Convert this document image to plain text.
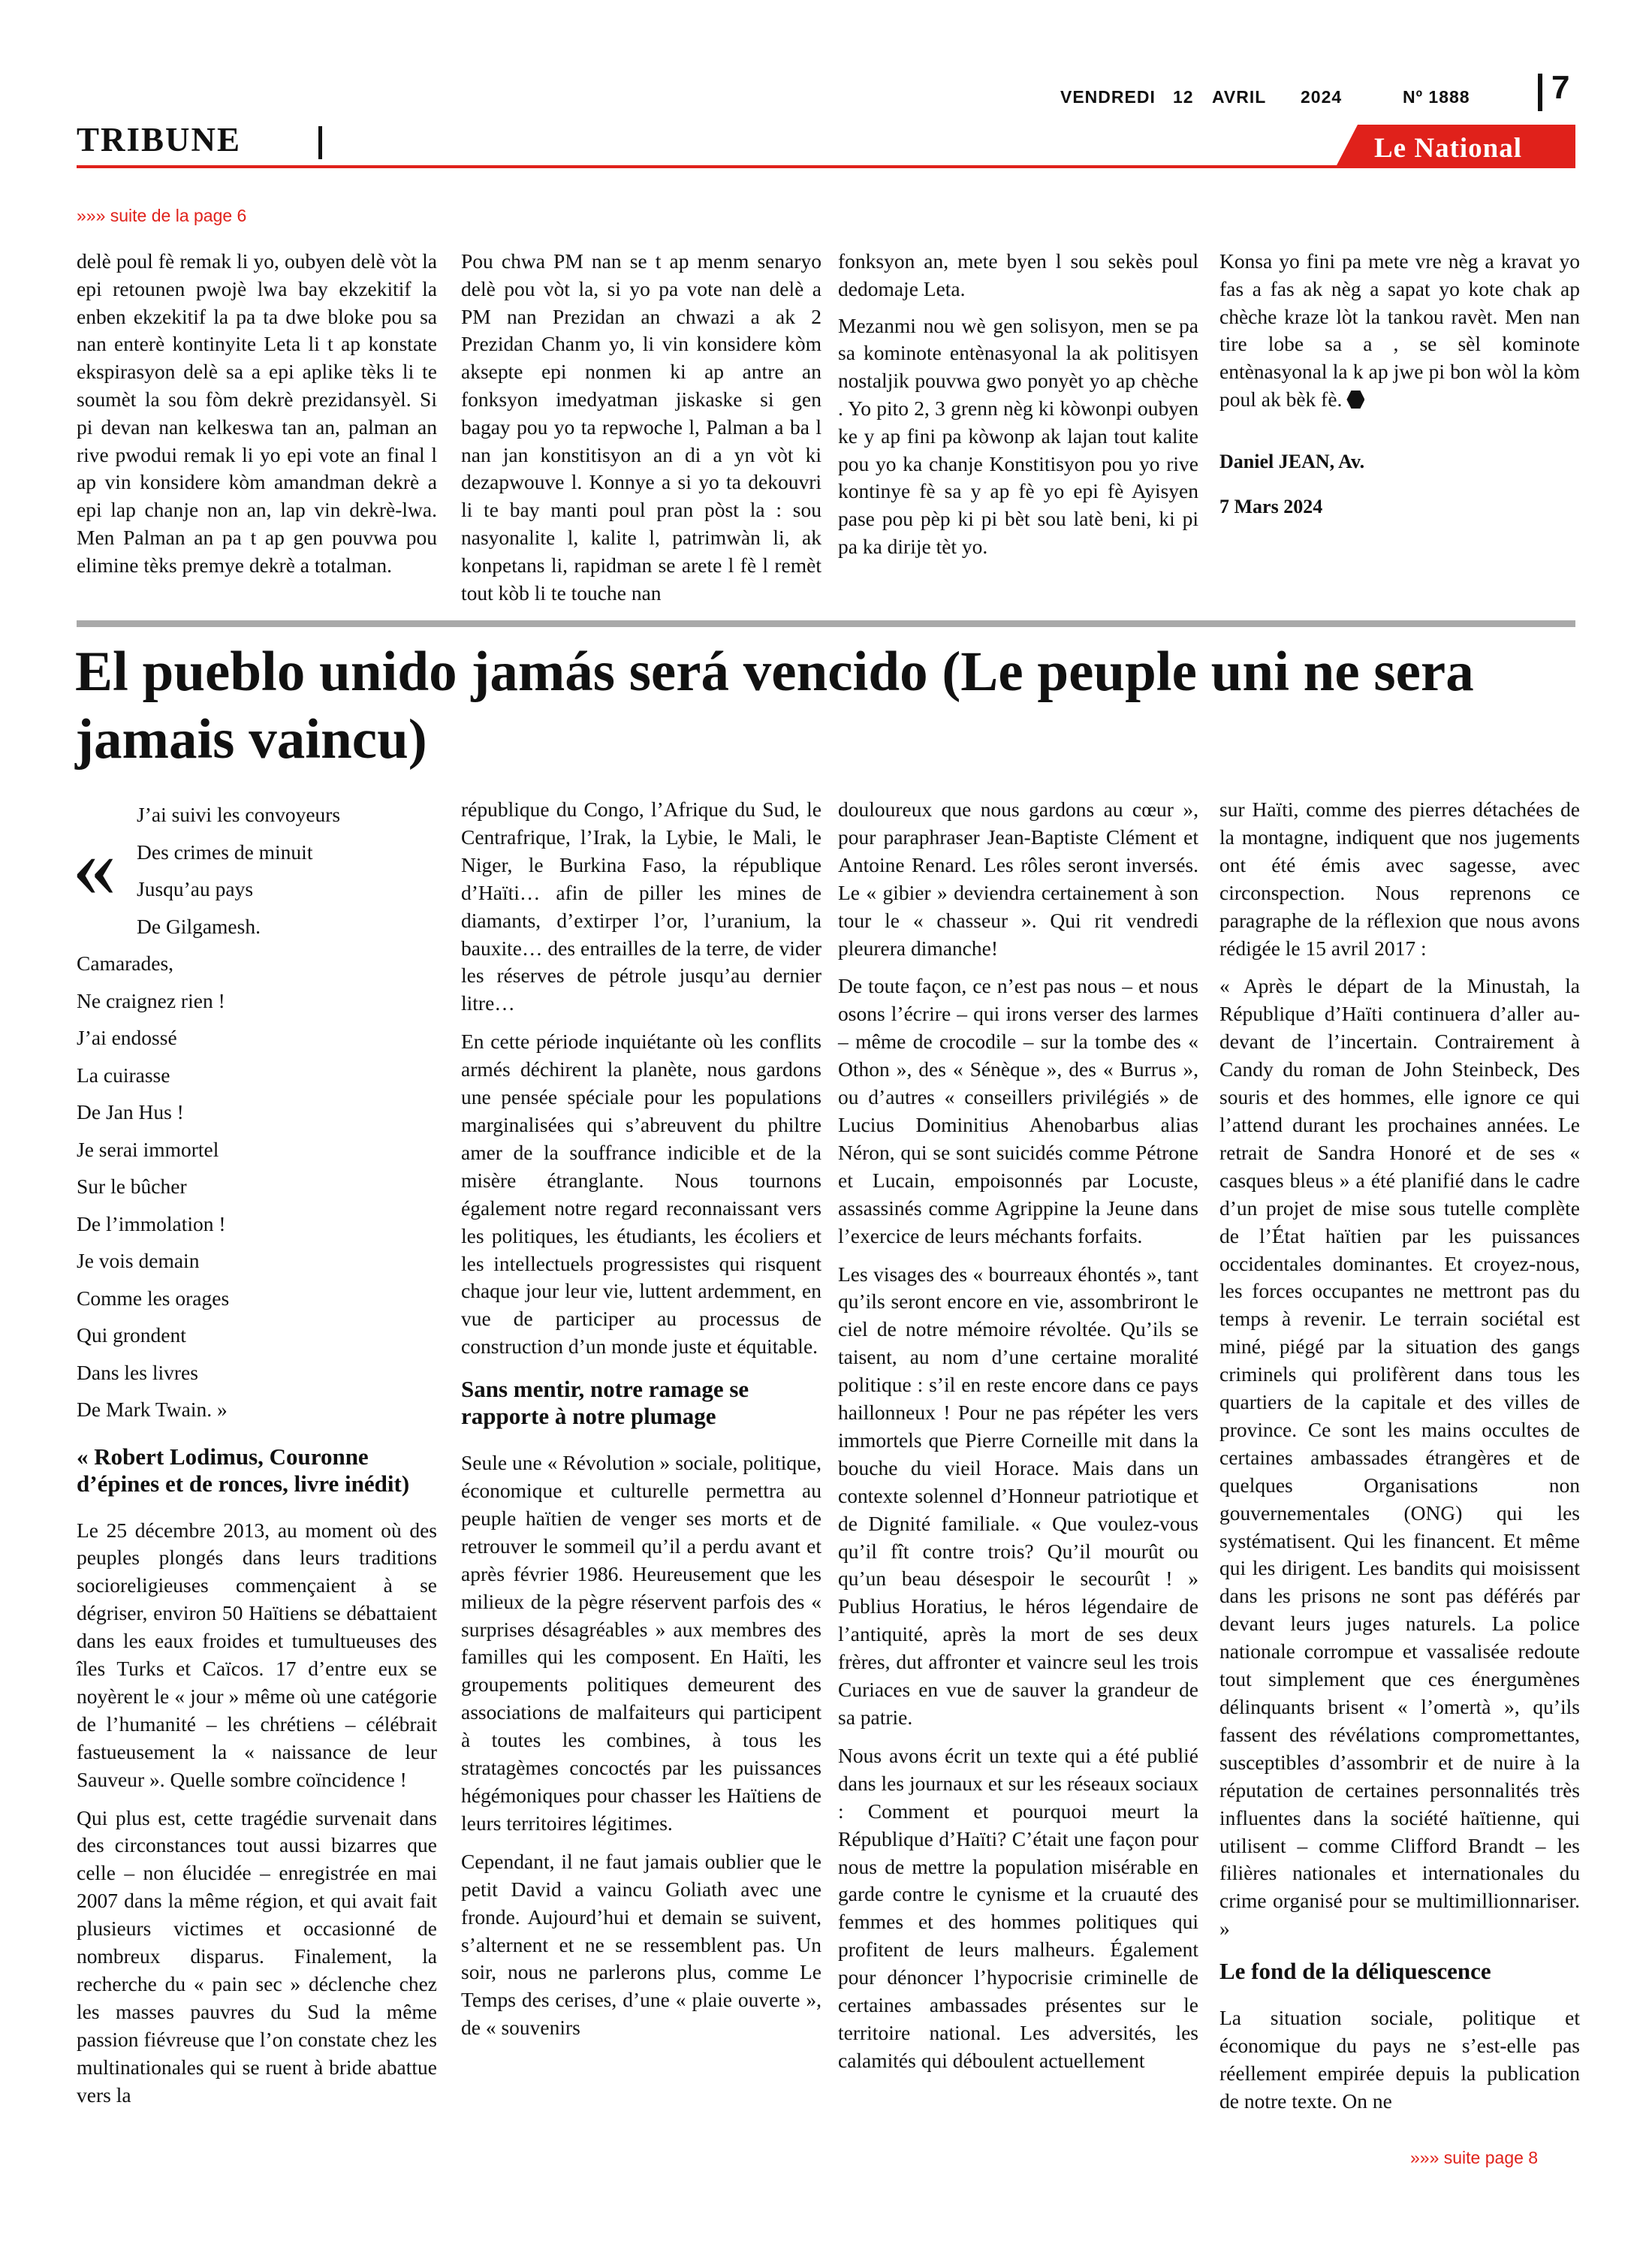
VENDREDI	12	AVRIL	2024	Nº 1888 7
TRIBUNE	Le National
»»» suite de la page 6

delè poul fè remak li yo, oubyen delè vòt la epi retounen pwojè lwa bay ekzekitif la enben ekzekitif la pa ta dwe bloke pou sa nan enterè kontinyite Leta li t ap konstate ekspirasyon delè sa a epi aplike tèks li te soumèt la sou fòm dekrè prezidansyèl. Si pi devan nan kelkeswa tan an, palman an rive pwodui remak li yo epi vote an final l ap vin konsidere kòm amandman dekrè a epi lap chanje non an, lap vin dekrè-lwa. Men Palman an pa t ap gen pouvwa pou elimine tèks premye dekrè a totalman.

Pou chwa PM nan se t ap menm senaryo delè pou vòt la, si yo pa vote nan delè a PM nan Prezidan an chwazi a ak 2 Prezidan Chanm yo, li vin konsidere kòm aksepte epi nonmen ki ap antre an fonksyon imedyatman jiskaske si gen bagay pou yo ta repwoche l, Palman a ba l nan jan konstitisyon an di a yn vòt ki dezapwouve l. Konnye a si yo ta dekouvri li te bay manti poul pran pòst la : sou nasyonalite l, kalite l, patrimwàn li, ak konpetans li, rapidman se arete l fè l remèt tout kòb li te touche nan

fonksyon an, mete byen l sou sekès poul dedomaje Leta.

Mezanmi nou wè gen solisyon, men se pa sa kominote entènasyonal la ak politisyen nostaljik pouvwa gwo ponyèt yo ap chèche . Yo pito 2, 3 grenn nèg ki kòwonpi oubyen ke y ap fini pa kòwonp ak lajan tout kalite pou yo ka chanje Konstitisyon pou yo rive kontinye fè sa y ap fè yo epi fè Ayisyen pase pou pèp ki pi bèt sou latè beni, ki pi pa ka dirije tèt yo.

Konsa yo fini pa mete vre nèg a kravat yo fas a fas ak nèg a sapat yo kote chak ap chèche kraze lòt la tankou ravèt. Men nan tire lobe sa a , se sèl kominote entènasyonal la k ap jwe pi bon wòl la kòm poul ak bèk fè.

Daniel JEAN, Av.

7 Mars 2024

El pueblo unido jamás será vencido (Le peuple uni ne sera jamais vaincu)
«
J’ai suivi les convoyeurs
Des crimes de minuit
Jusqu’au pays
De Gilgamesh.
Camarades,
Ne craignez rien !
J’ai endossé
La cuirasse
De Jan Hus !
Je serai immortel
Sur le bûcher
De l’immolation !
Je vois demain
Comme les orages
Qui grondent
Dans les livres
De Mark Twain. »

« Robert Lodimus, Couronne d’épines et de ronces, livre inédit)

Le 25 décembre 2013, au moment où des peuples plongés dans leurs traditions socioreligieuses commençaient à se dégriser, environ 50 Haïtiens se débattaient dans les eaux froides et tumultueuses des îles Turks et Caïcos. 17 d’entre eux se noyèrent le « jour » même où une catégorie de l’humanité – les chrétiens – célébrait fastueusement la « naissance de leur Sauveur ». Quelle sombre coïncidence !

Qui plus est, cette tragédie survenait dans des circonstances tout aussi bizarres que celle – non élucidée – enregistrée en mai 2007 dans la même région, et qui avait fait plusieurs victimes et occasionné de nombreux disparus. Finalement, la recherche du « pain sec » déclenche chez les masses pauvres du Sud la même passion fiévreuse que l’on constate chez les multinationales qui se ruent à bride abattue vers la

république du Congo, l’Afrique du Sud, le Centrafrique, l’Irak, la Lybie, le Mali, le Niger, le Burkina Faso, la république d’Haïti… afin de piller les mines de diamants, d’extirper l’or, l’uranium, la bauxite… des entrailles de la terre, de vider les réserves de pétrole jusqu’au dernier litre…

En cette période inquiétante où les conflits armés déchirent la planète, nous gardons une pensée spéciale pour les populations marginalisées qui s’abreuvent du philtre amer de la souffrance indicible et de la misère étranglante. Nous tournons également notre regard reconnaissant vers les politiques, les étudiants, les écoliers et les intellectuels progressistes qui risquent chaque jour leur vie, luttent ardemment, en vue de participer au processus de construction d’un monde juste et équitable.

Sans mentir, notre ramage se rapporte à notre plumage

Seule une « Révolution » sociale, politique, économique et culturelle permettra au peuple haïtien de venger ses morts et de retrouver le sommeil qu’il a perdu avant et après février 1986. Heureusement que les milieux de la pègre réservent parfois des « surprises désagréables » aux membres des familles qui les composent. En Haïti, les groupements politiques demeurent des associations de malfaiteurs qui participent à toutes les combines, à tous les stratagèmes concoctés par les puissances hégémoniques pour chasser les Haïtiens de leurs territoires légitimes.

Cependant, il ne faut jamais oublier que le petit David a vaincu Goliath avec une fronde. Aujourd’hui et demain se suivent, s’alternent et ne se ressemblent pas. Un soir, nous ne parlerons plus, comme Le Temps des cerises, d’une « plaie ouverte », de « souvenirs

douloureux que nous gardons au cœur », pour paraphraser Jean-Baptiste Clément et Antoine Renard. Les rôles seront inversés. Le « gibier » deviendra certainement à son tour le « chasseur ». Qui rit vendredi pleurera dimanche!

De toute façon, ce n’est pas nous – et nous osons l’écrire – qui irons verser des larmes – même de crocodile – sur la tombe des « Othon », des « Sénèque », des « Burrus », ou d’autres « conseillers privilégiés » de Lucius Dominitius Ahenobarbus alias Néron, qui se sont suicidés comme Pétrone et Lucain, empoisonnés par Locuste, assassinés comme Agrippine la Jeune dans l’exercice de leurs méchants forfaits.

Les visages des « bourreaux éhontés », tant qu’ils seront encore en vie, assombriront le ciel de notre mémoire révoltée. Qu’ils se taisent, au nom d’une certaine moralité politique : s’il en reste encore dans ce pays haillonneux ! Pour ne pas répéter les vers immortels que Pierre Corneille mit dans la bouche du vieil Horace. Mais dans un contexte solennel d’Honneur patriotique et de Dignité familiale. « Que voulez-vous qu’il fît contre trois? Qu’il mourût ou qu’un beau désespoir le secourût ! » Publius Horatius, le héros légendaire de l’antiquité, après la mort de ses deux frères, dut affronter et vaincre seul les trois Curiaces en vue de sauver la grandeur de sa patrie.

Nous avons écrit un texte qui a été publié dans les journaux et sur les réseaux sociaux : Comment et pourquoi meurt la République d’Haïti? C’était une façon pour nous de mettre la population misérable en garde contre le cynisme et la cruauté des femmes et des hommes politiques qui profitent de leurs malheurs. Également pour dénoncer l’hypocrisie criminelle de certaines ambassades présentes sur le territoire national. Les adversités, les calamités qui déboulent actuellement

sur Haïti, comme des pierres détachées de la montagne, indiquent que nos jugements ont été émis avec sagesse, avec circonspection. Nous reprenons ce paragraphe de la réflexion que nous avons rédigée le 15 avril 2017 :

« Après le départ de la Minustah, la République d’Haïti continuera d’aller au-devant de l’incertain. Contrairement à Candy du roman de John Steinbeck, Des souris et des hommes, elle ignore ce qui l’attend durant les prochaines années. Le retrait de Sandra Honoré et de ses « casques bleus » a été planifié dans le cadre d’un projet de mise sous tutelle complète de l’État haïtien par les puissances occidentales dominantes. Et croyez-nous, les forces occupantes ne mettront pas du temps à revenir. Le terrain sociétal est miné, piégé par la situation des gangs criminels qui prolifèrent dans tous les quartiers de la capitale et des villes de province. Ce sont les mains occultes de certaines ambassades étrangères et de quelques Organisations non gouvernementales (ONG) qui les systématisent. Qui les financent. Et même qui les dirigent. Les bandits qui moisissent dans les prisons ne sont pas déférés par devant leurs juges naturels. La police nationale corrompue et vassalisée redoute tout simplement que ces énergumènes délinquants brisent « l’omertà », qu’ils fassent des révélations compromettantes, susceptibles d’assombrir et de nuire à la réputation de certaines personnalités très influentes dans la société haïtienne, qui utilisent – comme Clifford Brandt – les filières nationales et internationales du crime organisé pour se multimillionnariser. »

Le fond de la déliquescence

La situation sociale, politique et économique du pays ne s’est-elle pas réellement empirée depuis la publication de notre texte. On ne

»»» suite page 8
